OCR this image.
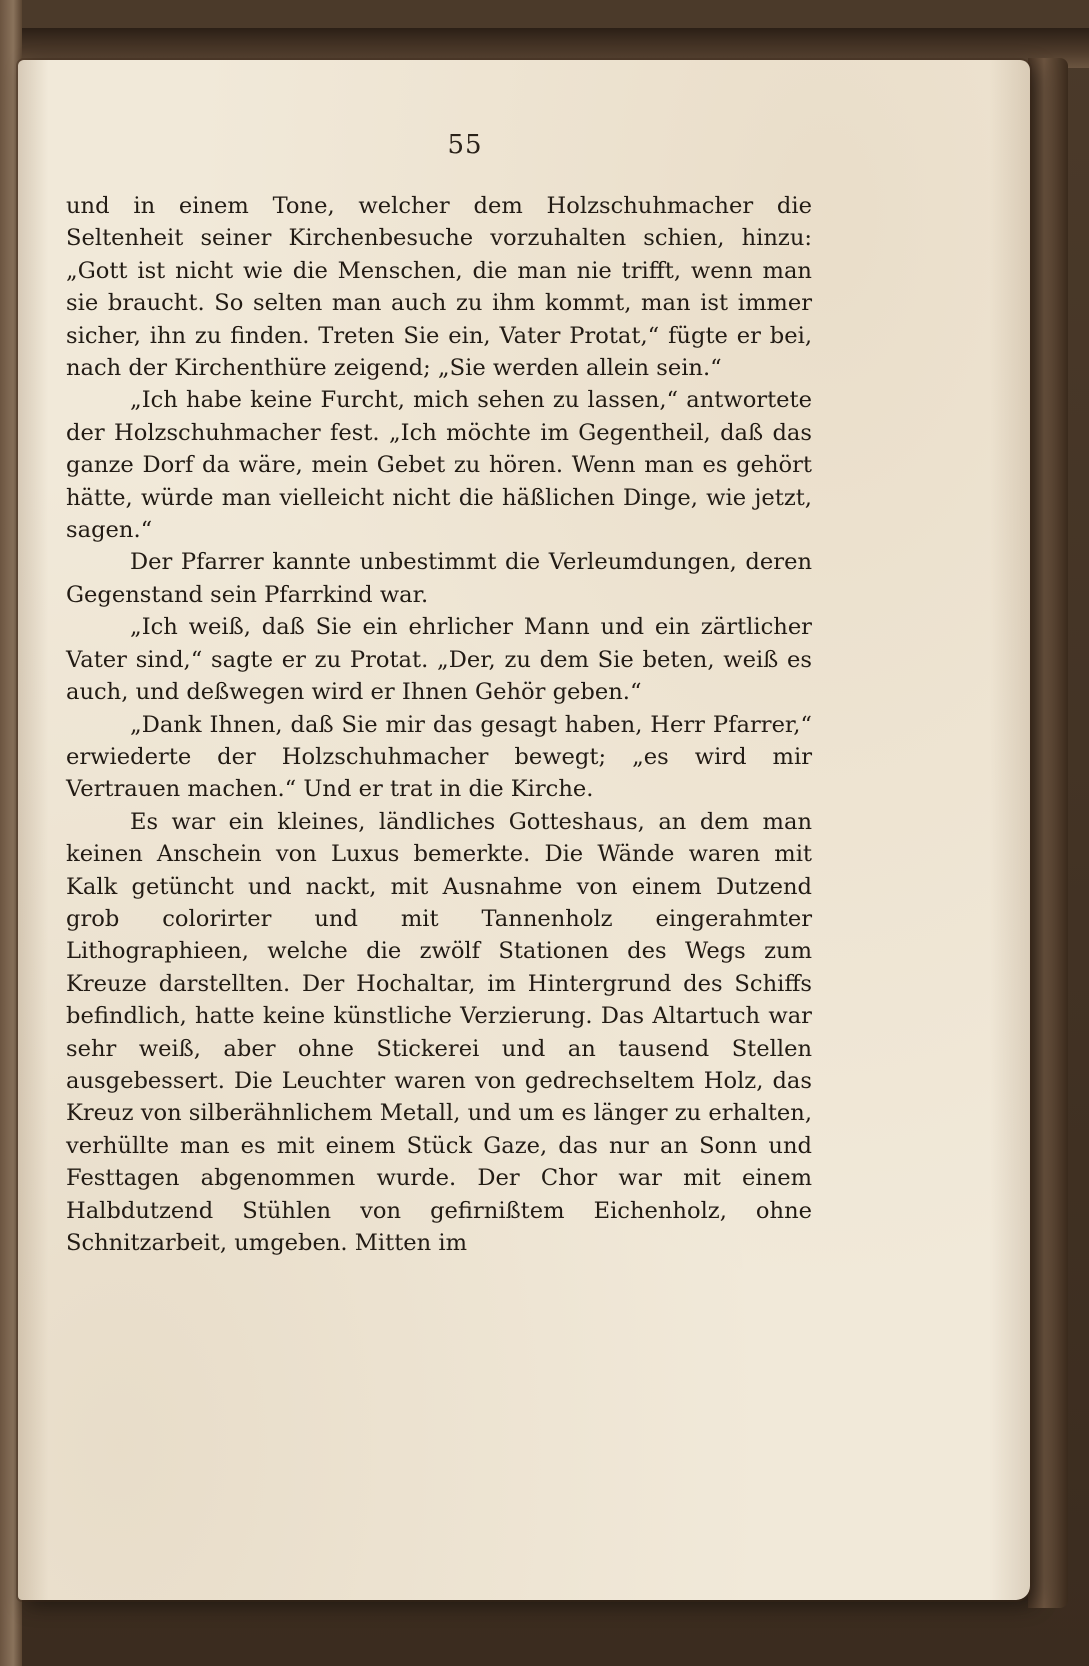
55

und in einem Tone, welcher dem Holzschuhmacher die Seltenheit seiner Kirchenbesuche vorzuhalten schien, hinzu: „Gott ist nicht wie die Menschen, die man nie trifft, wenn man sie braucht. So selten man auch zu ihm kommt, man ist immer sicher, ihn zu finden. Treten Sie ein, Vater Protat,“ fügte er bei, nach der Kirchenthüre zeigend; „Sie werden allein sein.“

„Ich habe keine Furcht, mich sehen zu lassen,“ antwortete der Holzschuhmacher fest. „Ich möchte im Gegentheil, daß das ganze Dorf da wäre, mein Gebet zu hören. Wenn man es gehört hätte, würde man vielleicht nicht die häßlichen Dinge, wie jetzt, sagen.“

Der Pfarrer kannte unbestimmt die Verleumdungen, deren Gegenstand sein Pfarrkind war.

„Ich weiß, daß Sie ein ehrlicher Mann und ein zärtlicher Vater sind,“ sagte er zu Protat. „Der, zu dem Sie beten, weiß es auch, und deßwegen wird er Ihnen Gehör geben.“

„Dank Ihnen, daß Sie mir das gesagt haben, Herr Pfarrer,“ erwiederte der Holzschuhmacher bewegt; „es wird mir Vertrauen machen.“ Und er trat in die Kirche.

Es war ein kleines, ländliches Gotteshaus, an dem man keinen Anschein von Luxus bemerkte. Die Wände waren mit Kalk getüncht und nackt, mit Ausnahme von einem Dutzend grob colorirter und mit Tannenholz eingerahmter Lithographieen, welche die zwölf Stationen des Wegs zum Kreuze darstellten. Der Hochaltar, im Hintergrund des Schiffs befindlich, hatte keine künstliche Verzierung. Das Altartuch war sehr weiß, aber ohne Stickerei und an tausend Stellen ausgebessert. Die Leuchter waren von gedrechseltem Holz, das Kreuz von silberähnlichem Metall, und um es länger zu erhalten, verhüllte man es mit einem Stück Gaze, das nur an Sonn und Festtagen abgenommen wurde. Der Chor war mit einem Halbdutzend Stühlen von gefirnißtem Eichenholz, ohne Schnitzarbeit, umgeben. Mitten im
